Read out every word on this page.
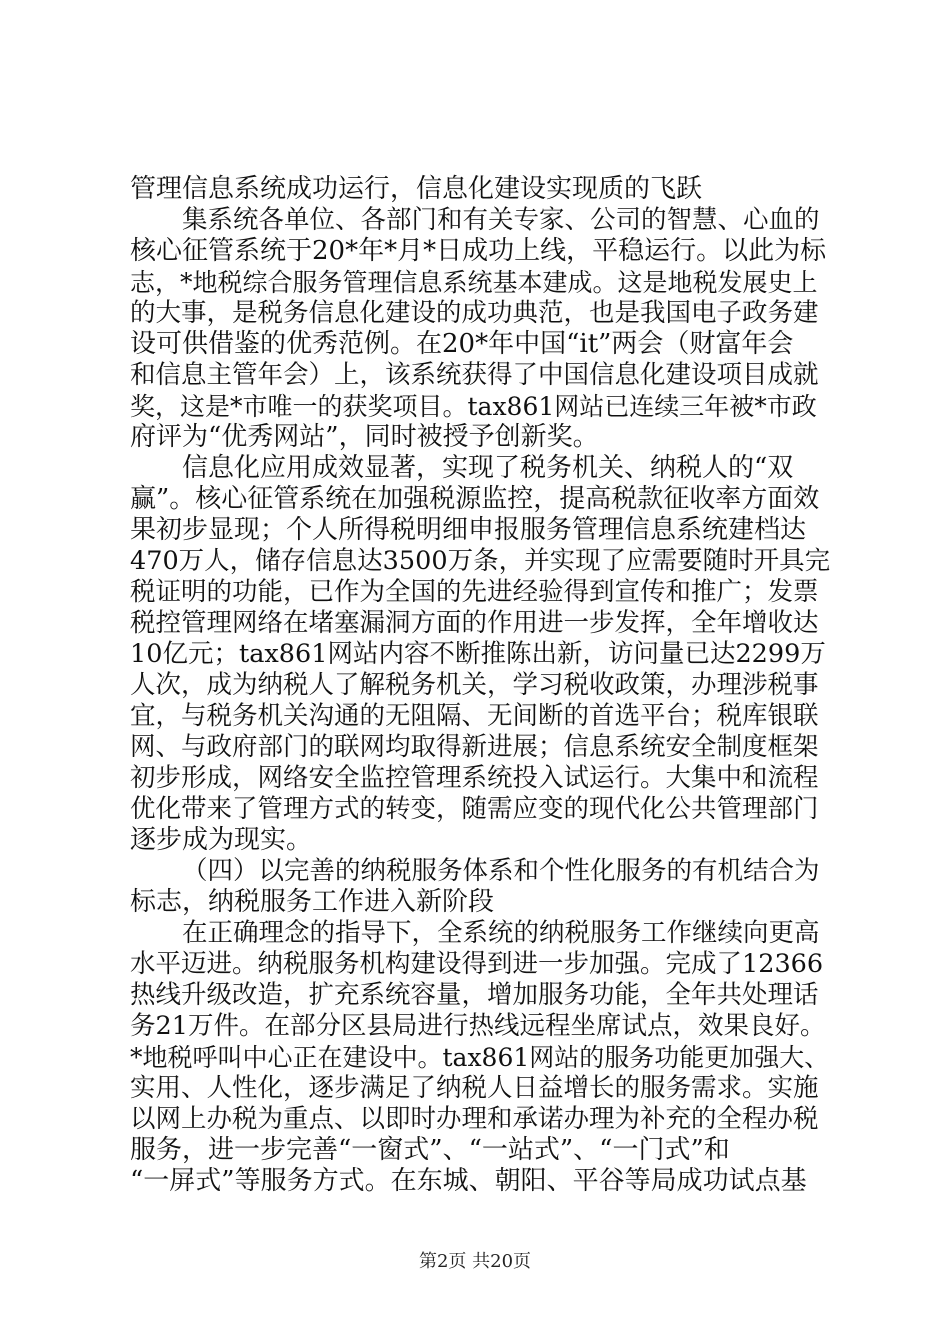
管理信息系统成功运行，信息化建设实现质的飞跃
集系统各单位、各部门和有关专家、公司的智慧、心血的
核心征管系统于20*年*月*日成功上线，平稳运行。以此为标
志，*地税综合服务管理信息系统基本建成。这是地税发展史上
的大事，是税务信息化建设的成功典范，也是我国电子政务建
设可供借鉴的优秀范例。在20*年中国“it”两会（财富年会
和信息主管年会）上，该系统获得了中国信息化建设项目成就
奖，这是*市唯一的获奖项目。tax861网站已连续三年被*市政
府评为“优秀网站”，同时被授予创新奖。
信息化应用成效显著，实现了税务机关、纳税人的“双
赢”。核心征管系统在加强税源监控，提高税款征收率方面效
果初步显现；个人所得税明细申报服务管理信息系统建档达
470万人，储存信息达3500万条，并实现了应需要随时开具完
税证明的功能，已作为全国的先进经验得到宣传和推广；发票
税控管理网络在堵塞漏洞方面的作用进一步发挥，全年增收达
10亿元；tax861网站内容不断推陈出新，访问量已达2299万
人次，成为纳税人了解税务机关，学习税收政策，办理涉税事
宜，与税务机关沟通的无阻隔、无间断的首选平台；税库银联
网、与政府部门的联网均取得新进展；信息系统安全制度框架
初步形成，网络安全监控管理系统投入试运行。大集中和流程
优化带来了管理方式的转变，随需应变的现代化公共管理部门
逐步成为现实。
（四）以完善的纳税服务体系和个性化服务的有机结合为
标志，纳税服务工作进入新阶段
在正确理念的指导下，全系统的纳税服务工作继续向更高
水平迈进。纳税服务机构建设得到进一步加强。完成了12366
热线升级改造，扩充系统容量，增加服务功能，全年共处理话
务21万件。在部分区县局进行热线远程坐席试点，效果良好。
*地税呼叫中心正在建设中。tax861网站的服务功能更加强大、
实用、人性化，逐步满足了纳税人日益增长的服务需求。实施
以网上办税为重点、以即时办理和承诺办理为补充的全程办税
服务，进一步完善“一窗式”、“一站式”、“一门式”和
“一屏式”等服务方式。在东城、朝阳、平谷等局成功试点基
第2页 共20页
